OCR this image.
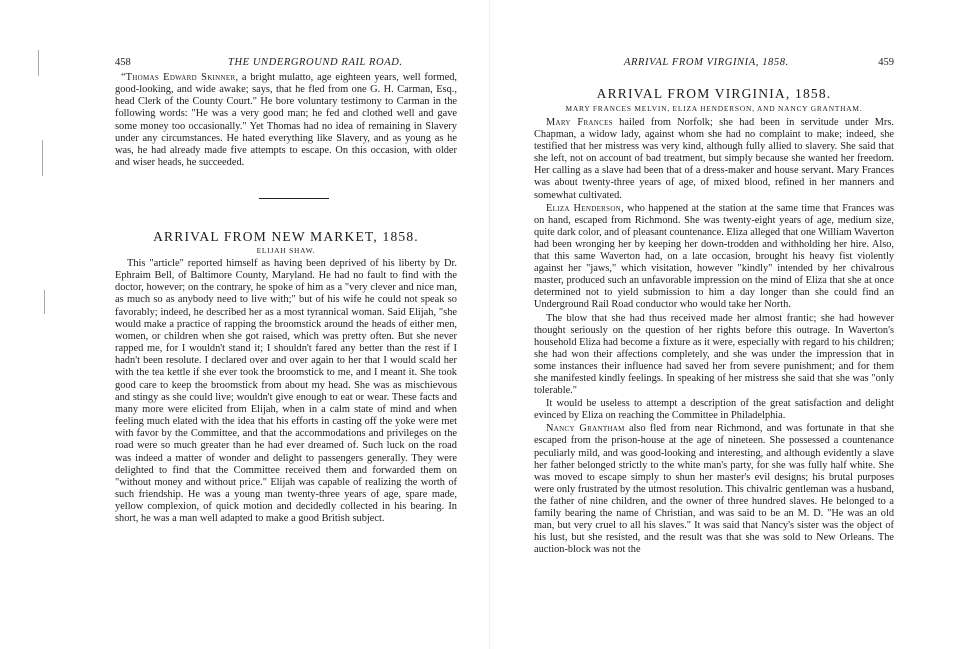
458	THE UNDERGROUND RAIL ROAD.

“Thomas Edward Skinner, a bright mulatto, age eighteen years, well formed, good-looking, and wide awake; says, that he fled from one G. H. Carman, Esq., head Clerk of the County Court." He bore voluntary testimony to Carman in the following words: "He was a very good man; he fed and clothed well and gave some money too occasionally." Yet Thomas had no idea of remaining in Slavery under any circumstances. He hated everything like Slavery, and as young as he was, he had already made five attempts to escape. On this occasion, with older and wiser heads, he succeeded.

ARRIVAL FROM NEW MARKET, 1858.
ELIJAH SHAW.

This "article" reported himself as having been deprived of his liberty by Dr. Ephraim Bell, of Baltimore County, Maryland. He had no fault to find with the doctor, however; on the contrary, he spoke of him as a "very clever and nice man, as much so as anybody need to live with;" but of his wife he could not speak so favorably; indeed, he described her as a most tyrannical woman. Said Elijah, "she would make a practice of rapping the broomstick around the heads of either men, women, or children when she got raised, which was pretty often. But she never rapped me, for I wouldn't stand it; I shouldn't fared any better than the rest if I hadn't been resolute. I declared over and over again to her that I would scald her with the tea kettle if she ever took the broomstick to me, and I meant it. She took good care to keep the broomstick from about my head. She was as mischievous and stingy as she could live; wouldn't give enough to eat or wear. These facts and many more were elicited from Elijah, when in a calm state of mind and when feeling much elated with the idea that his efforts in casting off the yoke were met with favor by the Committee, and that the accommodations and privileges on the road were so much greater than he had ever dreamed of. Such luck on the road was indeed a matter of wonder and delight to passengers generally. They were delighted to find that the Committee received them and forwarded them on "without money and without price." Elijah was capable of realizing the worth of such friendship. He was a young man twenty-three years of age, spare made, yellow complexion, of quick motion and decidedly collected in his bearing. In short, he was a man well adapted to make a good British subject.

ARRIVAL FROM VIRGINIA, 1858.	459
ARRIVAL FROM VIRGINIA, 1858.
MARY FRANCES MELVIN, ELIZA HENDERSON, AND NANCY GRANTHAM.

Mary Frances hailed from Norfolk; she had been in servitude under Mrs. Chapman, a widow lady, against whom she had no complaint to make; indeed, she testified that her mistress was very kind, although fully allied to slavery. She said that she left, not on account of bad treatment, but simply because she wanted her freedom. Her calling as a slave had been that of a dress-maker and house servant. Mary Frances was about twenty-three years of age, of mixed blood, refined in her manners and somewhat cultivated.

Eliza Henderson, who happened at the station at the same time that Frances was on hand, escaped from Richmond. She was twenty-eight years of age, medium size, quite dark color, and of pleasant countenance. Eliza alleged that one William Waverton had been wronging her by keeping her down-trodden and withholding her hire. Also, that this same Waverton had, on a late occasion, brought his heavy fist violently against her "jaws," which visitation, however "kindly" intended by her chivalrous master, produced such an unfavorable impression on the mind of Eliza that she at once determined not to yield submission to him a day longer than she could find an Underground Rail Road conductor who would take her North.

The blow that she had thus received made her almost frantic; she had however thought seriously on the question of her rights before this outrage. In Waverton's household Eliza had become a fixture as it were, especially with regard to his children; she had won their affections completely, and she was under the impression that in some instances their influence had saved her from severe punishment; and for them she manifested kindly feelings. In speaking of her mistress she said that she was "only tolerable."

It would be useless to attempt a description of the great satisfaction and delight evinced by Eliza on reaching the Committee in Philadelphia.

Nancy Grantham also fled from near Richmond, and was fortunate in that she escaped from the prison-house at the age of nineteen. She possessed a countenance peculiarly mild, and was good-looking and interesting, and although evidently a slave her father belonged strictly to the white man's party, for she was fully half white. She was moved to escape simply to shun her master's evil designs; his brutal purposes were only frustrated by the utmost resolution. This chivalric gentleman was a husband, the father of nine children, and the owner of three hundred slaves. He belonged to a family bearing the name of Christian, and was said to be an M. D. "He was an old man, but very cruel to all his slaves." It was said that Nancy's sister was the object of his lust, but she resisted, and the result was that she was sold to New Orleans. The auction-block was not the
